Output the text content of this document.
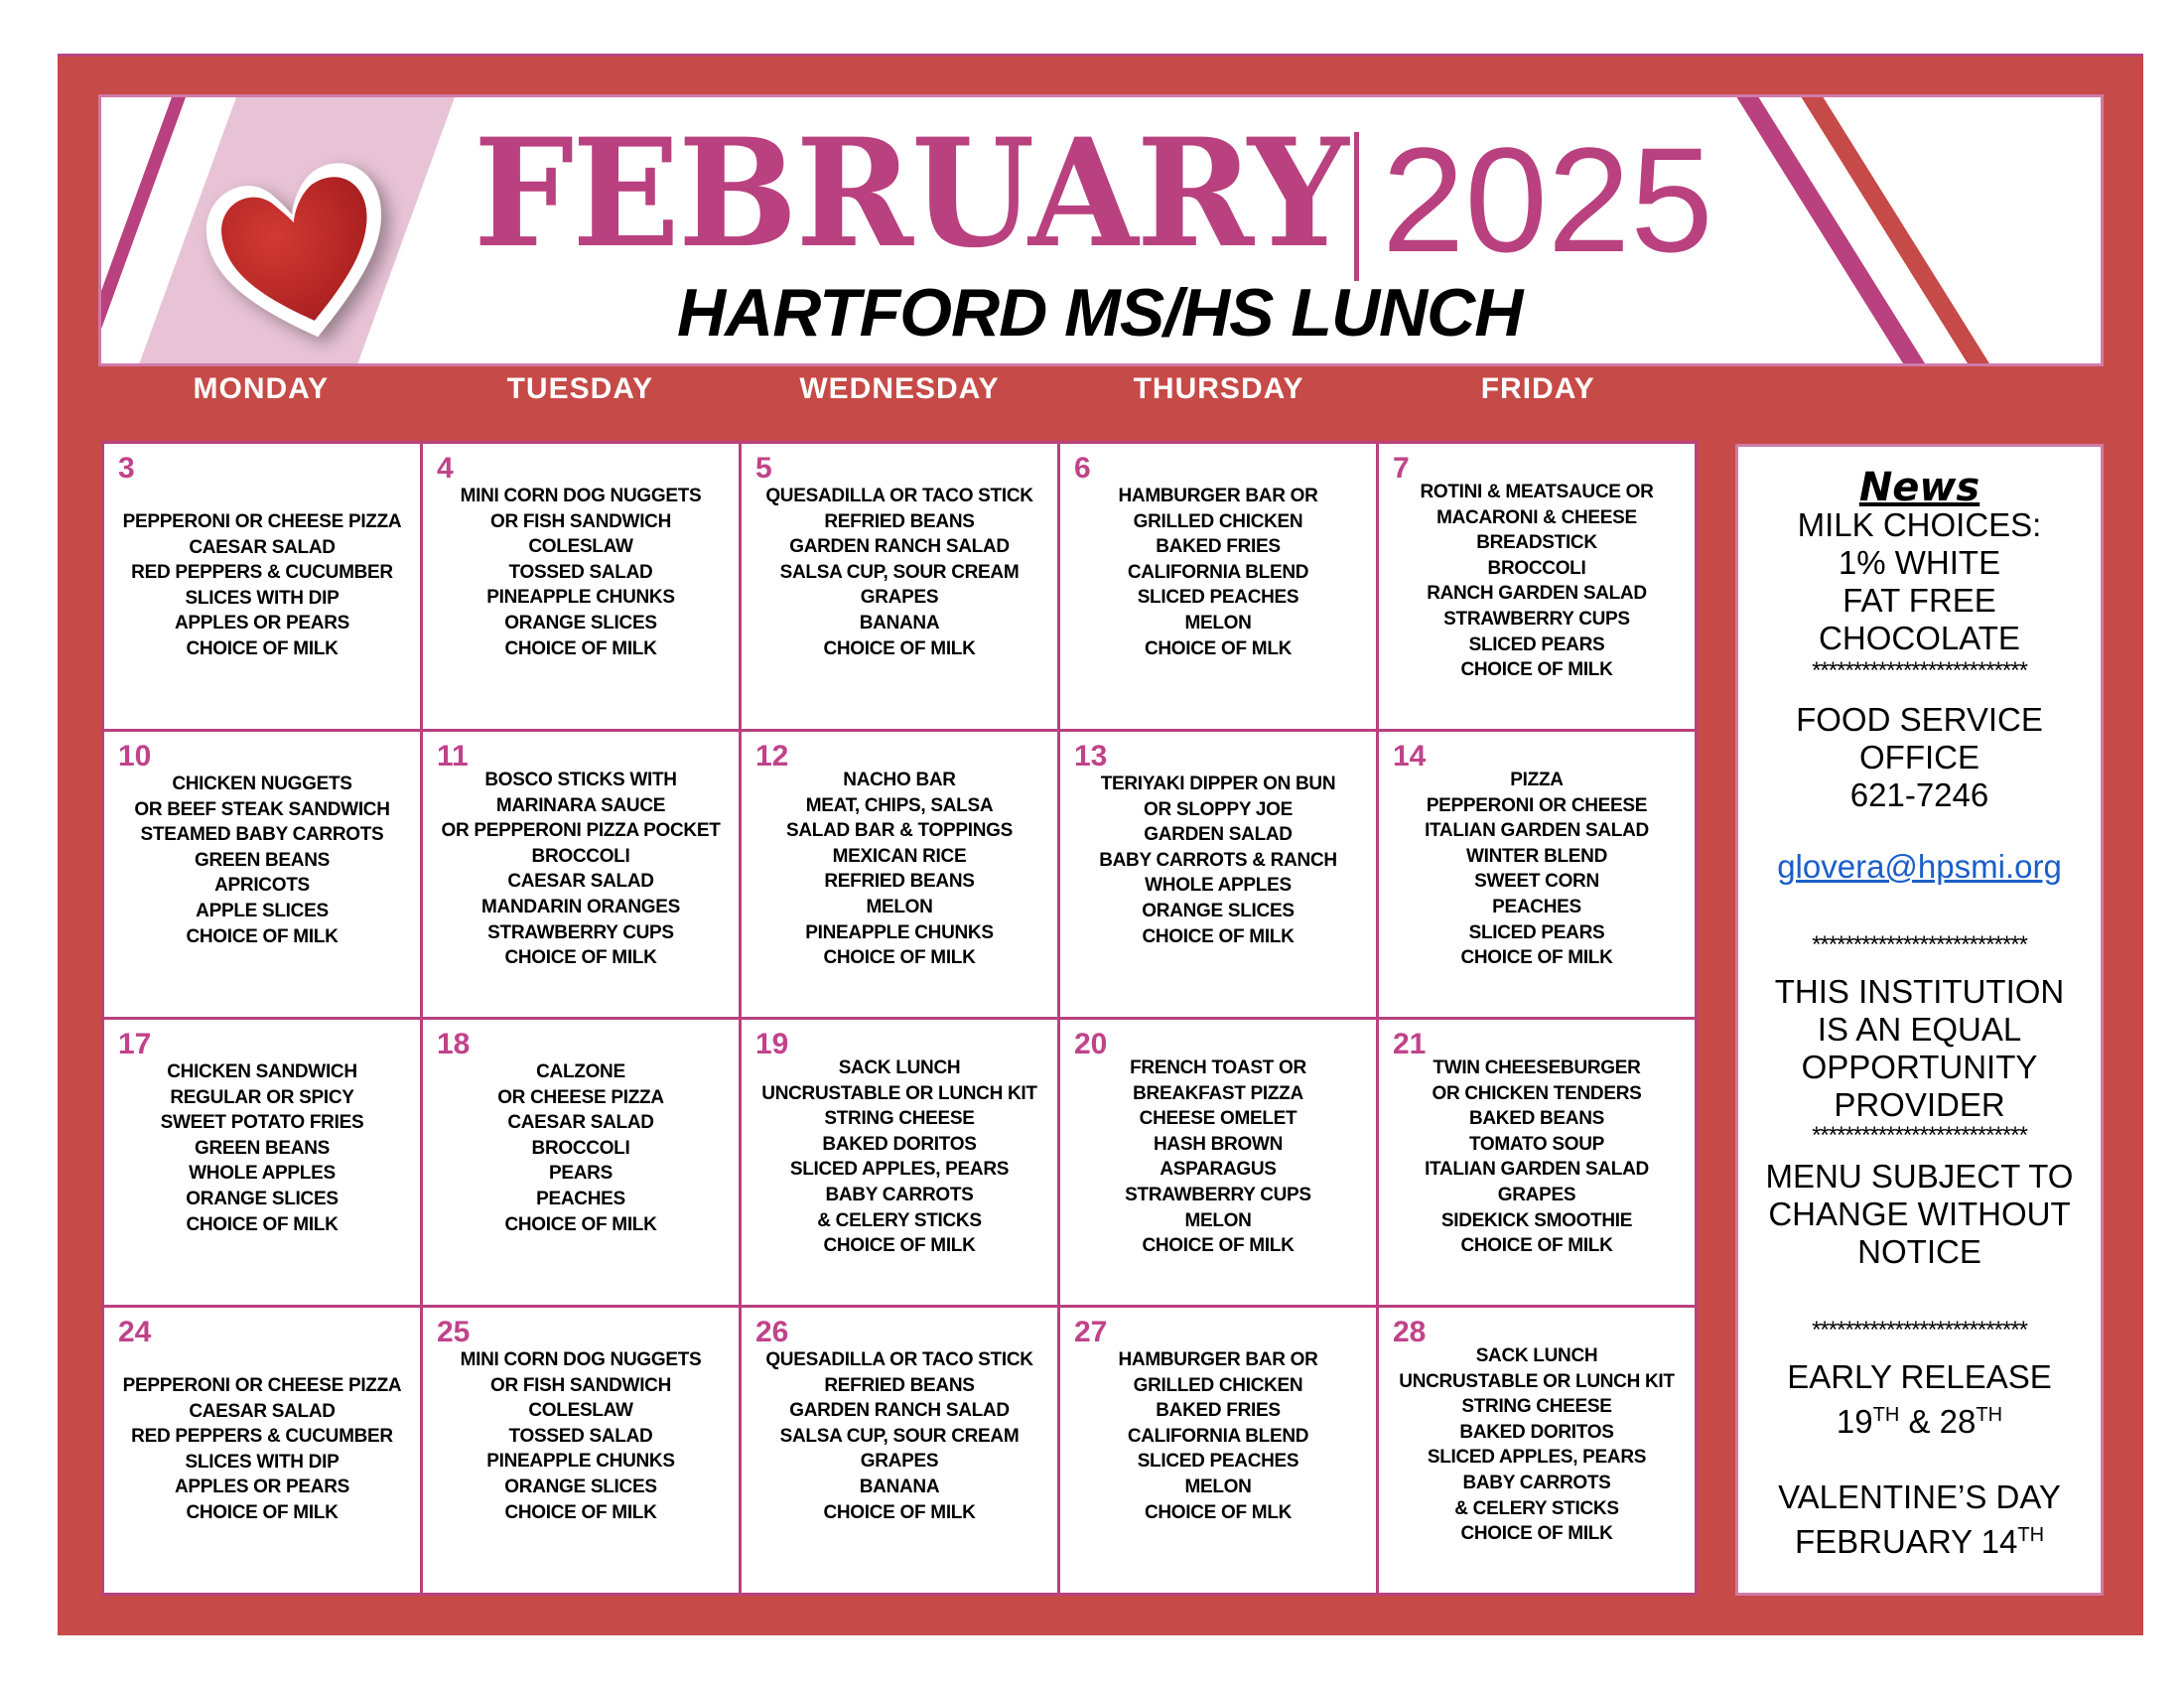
FEBRUARY 2025
HARTFORD MS/HS LUNCH
MONDAY	TUESDAY	WEDNESDAY	THURSDAY	FRIDAY
3
PEPPERONI OR CHEESE PIZZA
CAESAR SALAD
RED PEPPERS & CUCUMBER
SLICES WITH DIP
APPLES OR PEARS
CHOICE OF MILK
4
MINI CORN DOG NUGGETS
OR FISH SANDWICH
COLESLAW
TOSSED SALAD
PINEAPPLE CHUNKS
ORANGE SLICES
CHOICE OF MILK
5
QUESADILLA OR TACO STICK
REFRIED BEANS
GARDEN RANCH SALAD
SALSA CUP, SOUR CREAM
GRAPES
BANANA
CHOICE OF MILK
6
HAMBURGER BAR OR
GRILLED CHICKEN
BAKED FRIES
CALIFORNIA BLEND
SLICED PEACHES
MELON
CHOICE OF MLK
7
ROTINI & MEATSAUCE OR
MACARONI & CHEESE
BREADSTICK
BROCCOLI
RANCH GARDEN SALAD
STRAWBERRY CUPS
SLICED PEARS
CHOICE OF MILK
10
CHICKEN NUGGETS
OR BEEF STEAK SANDWICH
STEAMED BABY CARROTS
GREEN BEANS
APRICOTS
APPLE SLICES
CHOICE OF MILK
11
BOSCO STICKS WITH
MARINARA SAUCE
OR PEPPERONI PIZZA POCKET
BROCCOLI
CAESAR SALAD
MANDARIN ORANGES
STRAWBERRY CUPS
CHOICE OF MILK
12
NACHO BAR
MEAT, CHIPS, SALSA
SALAD BAR & TOPPINGS
MEXICAN RICE
REFRIED BEANS
MELON
PINEAPPLE CHUNKS
CHOICE OF MILK
13
TERIYAKI DIPPER ON BUN
OR SLOPPY JOE
GARDEN SALAD
BABY CARROTS & RANCH
WHOLE APPLES
ORANGE SLICES
CHOICE OF MILK
14
PIZZA
PEPPERONI OR CHEESE
ITALIAN GARDEN SALAD
WINTER BLEND
SWEET CORN
PEACHES
SLICED PEARS
CHOICE OF MILK
17
CHICKEN SANDWICH
REGULAR OR SPICY
SWEET POTATO FRIES
GREEN BEANS
WHOLE APPLES
ORANGE SLICES
CHOICE OF MILK
18
CALZONE
OR CHEESE PIZZA
CAESAR SALAD
BROCCOLI
PEARS
PEACHES
CHOICE OF MILK
19
SACK LUNCH
UNCRUSTABLE OR LUNCH KIT
STRING CHEESE
BAKED DORITOS
SLICED APPLES, PEARS
BABY CARROTS
& CELERY STICKS
CHOICE OF MILK
20
FRENCH TOAST OR
BREAKFAST PIZZA
CHEESE OMELET
HASH BROWN
ASPARAGUS
STRAWBERRY CUPS
MELON
CHOICE OF MILK
21
TWIN CHEESEBURGER
OR CHICKEN TENDERS
BAKED BEANS
TOMATO SOUP
ITALIAN GARDEN SALAD
GRAPES
SIDEKICK SMOOTHIE
CHOICE OF MILK
24
PEPPERONI OR CHEESE PIZZA
CAESAR SALAD
RED PEPPERS & CUCUMBER
SLICES WITH DIP
APPLES OR PEARS
CHOICE OF MILK
25
MINI CORN DOG NUGGETS
OR FISH SANDWICH
COLESLAW
TOSSED SALAD
PINEAPPLE CHUNKS
ORANGE SLICES
CHOICE OF MILK
26
QUESADILLA OR TACO STICK
REFRIED BEANS
GARDEN RANCH SALAD
SALSA CUP, SOUR CREAM
GRAPES
BANANA
CHOICE OF MILK
27
HAMBURGER BAR OR
GRILLED CHICKEN
BAKED FRIES
CALIFORNIA BLEND
SLICED PEACHES
MELON
CHOICE OF MLK
28
SACK LUNCH
UNCRUSTABLE OR LUNCH KIT
STRING CHEESE
BAKED DORITOS
SLICED APPLES, PEARS
BABY CARROTS
& CELERY STICKS
CHOICE OF MILK
News
MILK CHOICES:
1% WHITE
FAT FREE
CHOCOLATE
**************************
FOOD SERVICE
OFFICE
621-7246
glovera@hpsmi.org
**************************
THIS INSTITUTION
IS AN EQUAL
OPPORTUNITY
PROVIDER
**************************
MENU SUBJECT TO
CHANGE WITHOUT
NOTICE
**************************
EARLY RELEASE
19TH & 28TH
VALENTINE’S DAY
FEBRUARY 14TH
